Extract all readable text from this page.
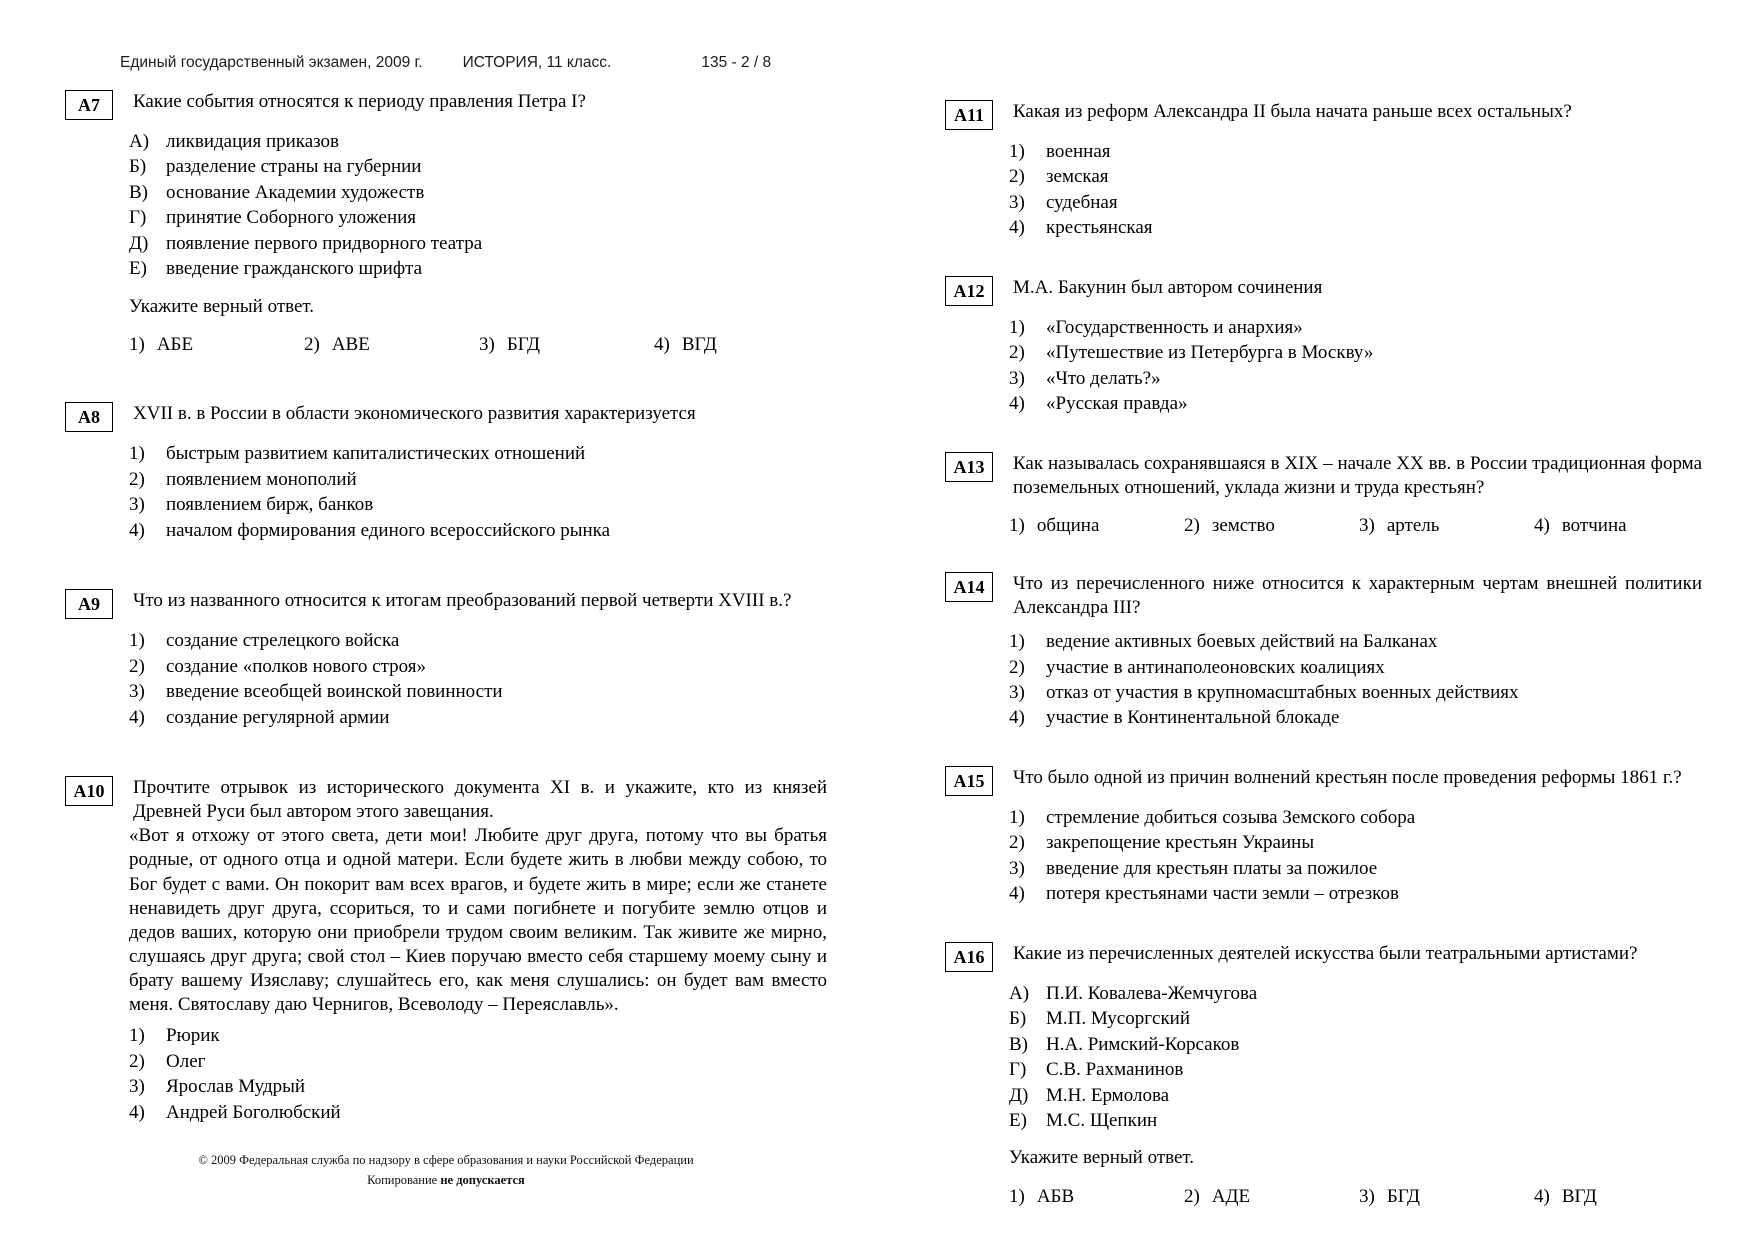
Единый государственный экзамен, 2009 г.	ИСТОРИЯ, 11 класс.	135 - 2 / 8
А7	Какие события относятся к периоду правления Петра I?
А) ликвидация приказов
Б)	разделение страны на губернии
В) основание Академии художеств
Г)	принятие Соборного уложения
Д) появление первого придворного театра
Е)	введение гражданского шрифта
Укажите верный ответ.
1) АБЕ	2) АВЕ	3) БГД	4) ВГД
А8	XVII в. в России в области экономического развития характеризуется
1)	быстрым развитием капиталистических отношений
2)	появлением монополий
3)	появлением бирж, банков
4)	началом формирования единого всероссийского рынка
А9	Что из названного относится к итогам преобразований первой четверти XVIII в.?
1)	создание стрелецкого войска
2)	создание «полков нового строя»
3)	введение всеобщей воинской повинности
4)	создание регулярной армии
А10	Прочтите отрывок из исторического документа XI в. и укажите, кто из князей Древней Руси был автором этого завещания.
«Вот я отхожу от этого света, дети мои! Любите друг друга, потому что вы братья родные, от одного отца и одной матери. Если будете жить в любви между собою, то Бог будет с вами. Он покорит вам всех врагов, и будете жить в мире; если же станете ненавидеть друг друга, ссориться, то и сами погибнете и погубите землю отцов и дедов ваших, которую они приобрели трудом своим великим. Так живите же мирно, слушаясь друг друга; свой стол – Киев поручаю вместо себя старшему моему сыну и брату вашему Изяславу; слушайтесь его, как меня слушались: он будет вам вместо меня. Святославу даю Чернигов, Всеволоду – Переяславль».
1)	Рюрик
2)	Олег
3)	Ярослав Мудрый
4)	Андрей Боголюбский
А11	Какая из реформ Александра II была начата раньше всех остальных?
1)	военная
2)	земская
3)	судебная
4)	крестьянская
А12	М.А. Бакунин был автором сочинения
1)	«Государственность и анархия»
2)	«Путешествие из Петербурга в Москву»
3)	«Что делать?»
4)	«Русская правда»
А13	Как называлась сохранявшаяся в XIX – начале XX вв. в России традиционная форма поземельных отношений, уклада жизни и труда крестьян?
1) община	2) земство	3) артель	4) вотчина
А14	Что из перечисленного ниже относится к характерным чертам внешней политики Александра III?
1)	ведение активных боевых действий на Балканах
2)	участие в антинаполеоновских коалициях
3)	отказ от участия в крупномасштабных военных действиях
4)	участие в Континентальной блокаде
А15	Что было одной из причин волнений крестьян после проведения реформы 1861 г.?
1)	стремление добиться созыва Земского собора
2)	закрепощение крестьян Украины
3)	введение для крестьян платы за пожилое
4)	потеря крестьянами части земли – отрезков
А16	Какие из перечисленных деятелей искусства были театральными артистами?
А) П.И. Ковалева-Жемчугова
Б)	М.П. Мусоргский
В) Н.А. Римский-Корсаков
Г)	С.В. Рахманинов
Д) М.Н. Ермолова
Е)	М.С. Щепкин
Укажите верный ответ.
1) АБВ	2) АДЕ	3) БГД	4) ВГД
© 2009 Федеральная служба по надзору в сфере образования и науки Российской Федерации
Копирование не допускается
